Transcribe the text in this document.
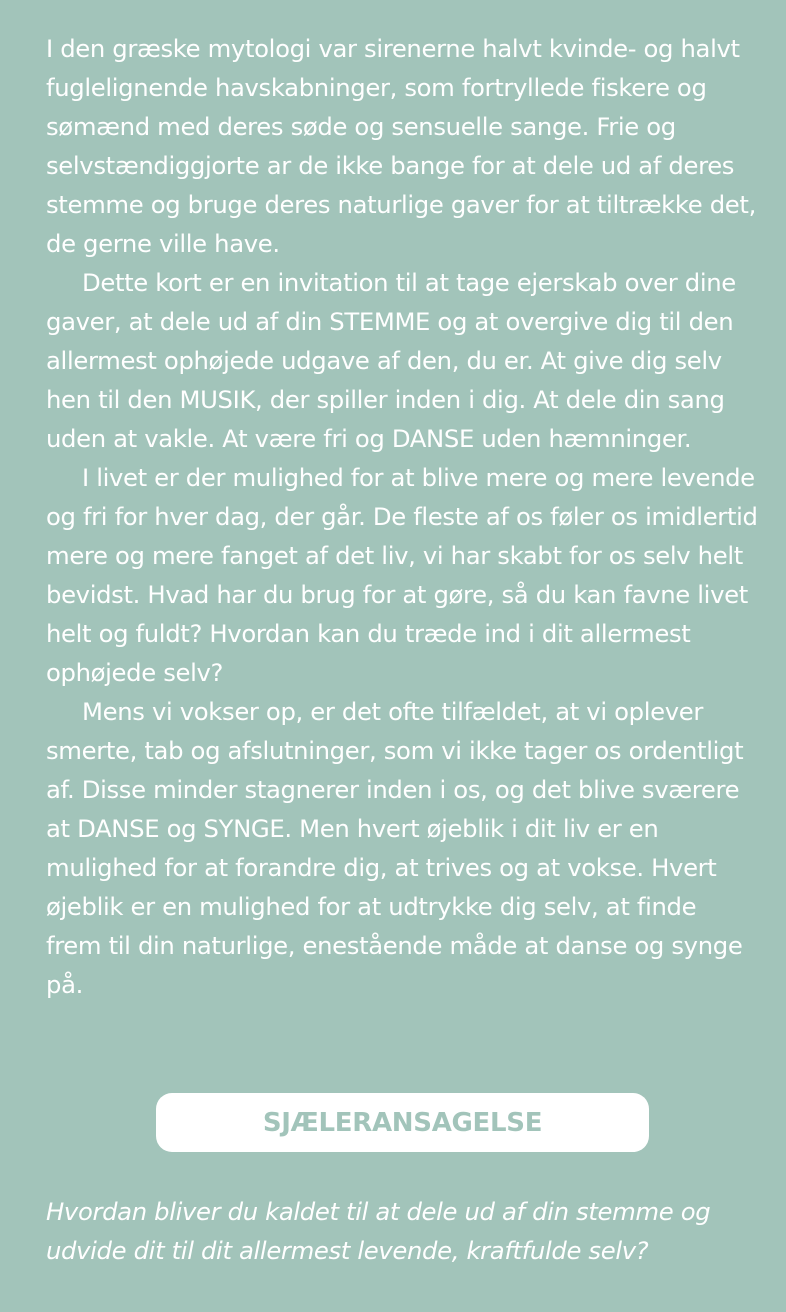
I den græske mytologi var sirenerne halvt kvinde- og halvt fuglelignende havskabninger, som fortryllede fiskere og sømænd med deres søde og sensuelle sange. Frie og selvstændiggjorte ar de ikke bange for at dele ud af deres stemme og bruge deres naturlige gaver for at tiltrække det, de gerne ville have.

Dette kort er en invitation til at tage ejerskab over dine gaver, at dele ud af din STEMME og at overgive dig til den allermest ophøjede udgave af den, du er. At give dig selv hen til den MUSIK, der spiller inden i dig. At dele din sang uden at vakle. At være fri og DANSE uden hæmninger.

I livet er der mulighed for at blive mere og mere levende og fri for hver dag, der går. De fleste af os føler os imidlertid mere og mere fanget af det liv, vi har skabt for os selv helt bevidst. Hvad har du brug for at gøre, så du kan favne livet helt og fuldt? Hvordan kan du træde ind i dit allermest ophøjede selv?

Mens vi vokser op, er det ofte tilfældet, at vi oplever smerte, tab og afslutninger, som vi ikke tager os ordentligt af. Disse minder stagnerer inden i os, og det blive sværere at DANSE og SYNGE. Men hvert øjeblik i dit liv er en mulighed for at forandre dig, at trives og at vokse. Hvert øjeblik er en mulighed for at udtrykke dig selv, at finde frem til din naturlige, enestående måde at danse og synge på.

SJÆLERANSAGELSE

Hvordan bliver du kaldet til at dele ud af din stemme og udvide dit til dit allermest levende, kraftfulde selv?
